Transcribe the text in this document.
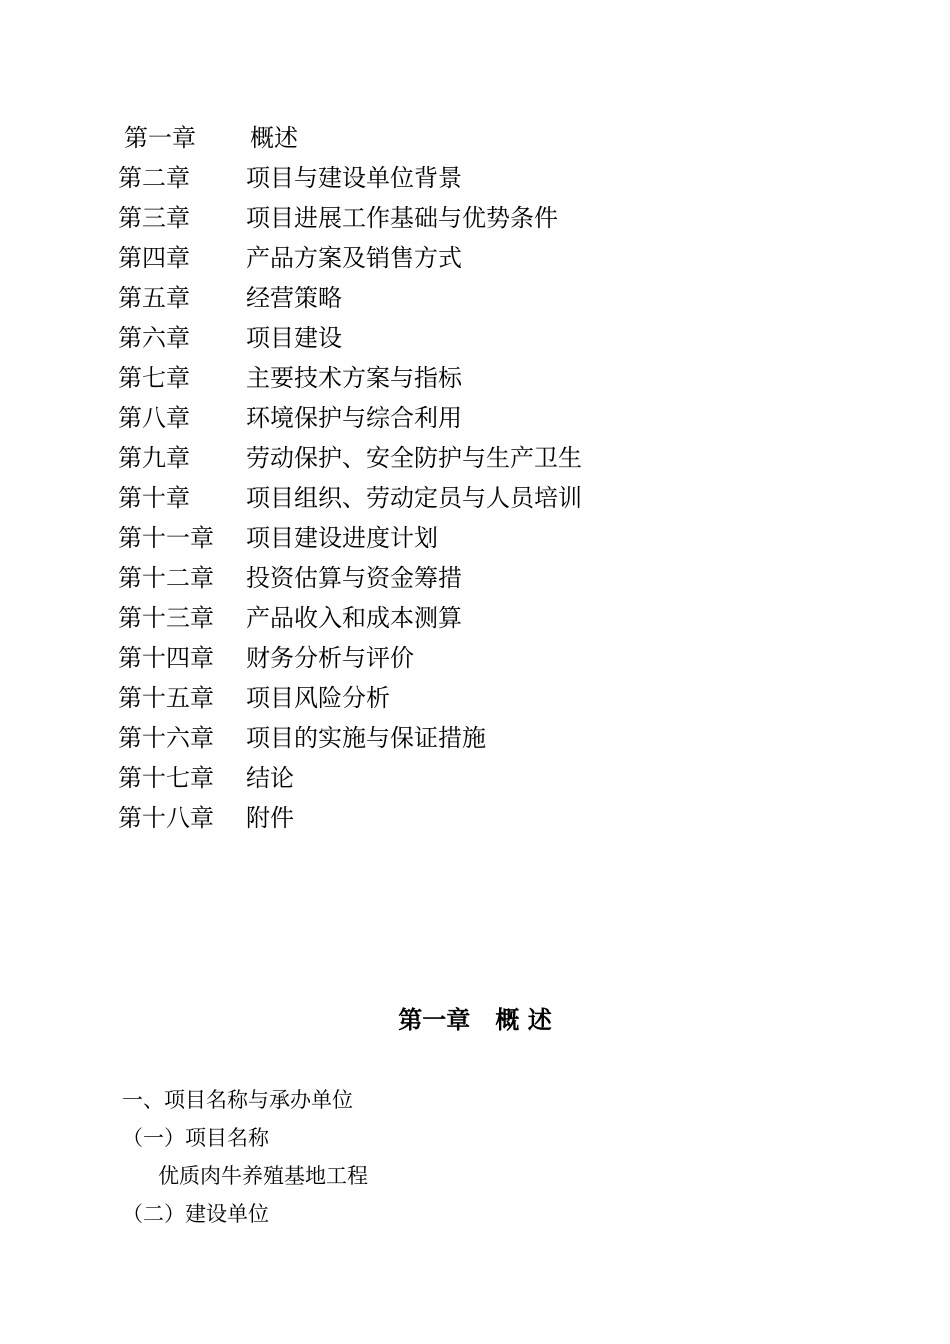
第一章	概述
第二章	项目与建设单位背景
第三章	项目进展工作基础与优势条件
第四章	产品方案及销售方式
第五章	经营策略
第六章	项目建设
第七章	主要技术方案与指标
第八章	环境保护与综合利用
第九章	劳动保护、安全防护与生产卫生
第十章	项目组织、劳动定员与人员培训
第十一章	项目建设进度计划
第十二章	投资估算与资金筹措
第十三章	产品收入和成本测算
第十四章	财务分析与评价
第十五章	项目风险分析
第十六章	项目的实施与保证措施
第十七章	结论
第十八章	附件
第一章   概 述
一、项目名称与承办单位
（一）项目名称
优质肉牛养殖基地工程
（二）建设单位
